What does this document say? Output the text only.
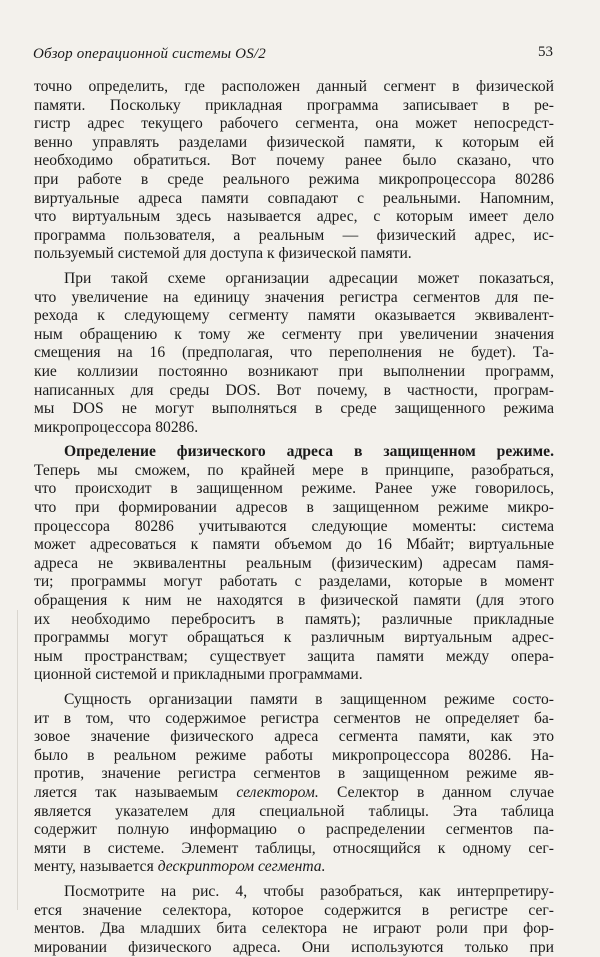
Обзор операционной системы OS/2	53

точно определить, где расположен данный сегмент в физической
памяти. Поскольку прикладная программа записывает в ре-
гистр адрес текущего рабочего сегмента, она может непосредст-
венно управлять разделами физической памяти, к которым ей
необходимо обратиться. Вот почему ранее было сказано, что
при работе в среде реального режима микропроцессора 80286
виртуальные адреса памяти совпадают с реальными. Напомним,
что виртуальным здесь называется адрес, с которым имеет дело
программа пользователя, а реальным — физический адрес, ис-
пользуемый системой для доступа к физической памяти.

При такой схеме организации адресации может показаться,
что увеличение на единицу значения регистра сегментов для пе-
рехода к следующему сегменту памяти оказывается эквивалент-
ным обращению к тому же сегменту при увеличении значения
смещения на 16 (предполагая, что переполнения не будет). Та-
кие коллизии постоянно возникают при выполнении программ,
написанных для среды DOS. Вот почему, в частности, програм-
мы DOS не могут выполняться в среде защищенного режима
микропроцессора 80286.

Определение физического адреса в защищенном режиме.
Теперь мы сможем, по крайней мере в принципе, разобраться,
что происходит в защищенном режиме. Ранее уже говорилось,
что при формировании адресов в защищенном режиме микро-
процессора 80286 учитываются следующие моменты: система
может адресоваться к памяти объемом до 16 Мбайт; виртуальные
адреса не эквивалентны реальным (физическим) адресам памя-
ти; программы могут работать с разделами, которые в момент
обращения к ним не находятся в физической памяти (для этого
их необходимо переброситъ в память); различные прикладные
программы могут обращаться к различным виртуальным адрес-
ным пространствам; существует защита памяти между опера-
ционной системой и прикладными программами.

Сущность организации памяти в защищенном режиме состо-
ит в том, что содержимое регистра сегментов не определяет ба-
зовое значение физического адреса сегмента памяти, как это
было в реальном режиме работы микропроцессора 80286. На-
против, значение регистра сегментов в защищенном режиме яв-
ляется так называемым селектором. Селектор в данном случае
является указателем для специальной таблицы. Эта таблица
содержит полную информацию о распределении сегментов па-
мяти в системе. Элемент таблицы, относящийся к одному сег-
менту, называется дескриптором сегмента.

Посмотрите на рис. 4, чтобы разобраться, как интерпретиру-
ется значение селектора, которое содержится в регистре сег-
ментов. Два младших бита селектора не играют роли при фор-
мировании физического адреса. Они используются только при
